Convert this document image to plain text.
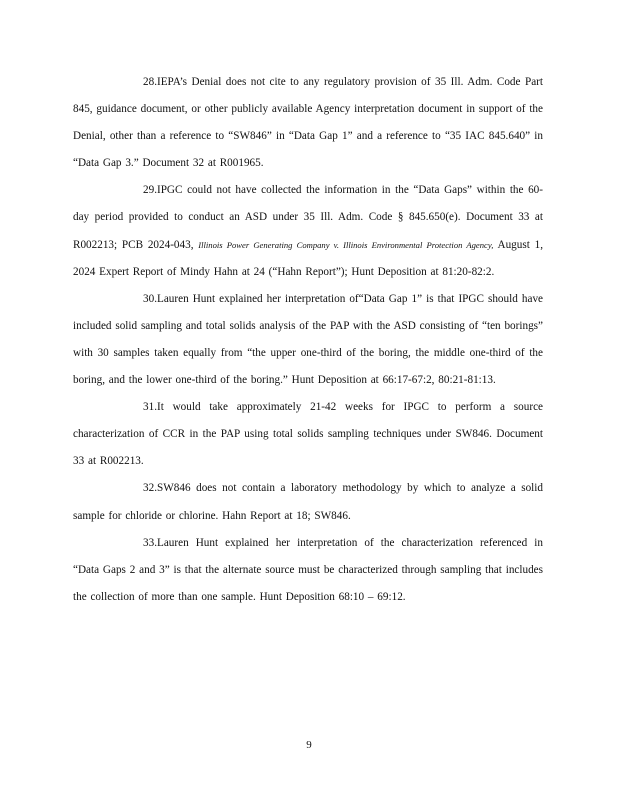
28.IEPA’s Denial does not cite to any regulatory provision of 35 Ill. Adm. Code Part 845, guidance document, or other publicly available Agency interpretation document in support of the Denial, other than a reference to “SW846” in “Data Gap 1” and a reference to “35 IAC 845.640” in “Data Gap 3.” Document 32 at R001965.

29.IPGC could not have collected the information in the “Data Gaps” within the 60-day period provided to conduct an ASD under 35 Ill. Adm. Code § 845.650(e). Document 33 at R002213; PCB 2024-043, Illinois Power Generating Company v. Illinois Environmental Protection Agency, August 1, 2024 Expert Report of Mindy Hahn at 24 (“Hahn Report”); Hunt Deposition at 81:20-82:2.

30.Lauren Hunt explained her interpretation of“Data Gap 1” is that IPGC should have included solid sampling and total solids analysis of the PAP with the ASD consisting of “ten borings” with 30 samples taken equally from “the upper one-third of the boring, the middle one-third of the boring, and the lower one-third of the boring.” Hunt Deposition at 66:17-67:2, 80:21-81:13.

31.It would take approximately 21-42 weeks for IPGC to perform a source characterization of CCR in the PAP using total solids sampling techniques under SW846. Document 33 at R002213.

32.SW846 does not contain a laboratory methodology by which to analyze a solid sample for chloride or chlorine. Hahn Report at 18; SW846.

33.Lauren Hunt explained her interpretation of the characterization referenced in “Data Gaps 2 and 3” is that the alternate source must be characterized through sampling that includes the collection of more than one sample. Hunt Deposition 68:10 – 69:12.

9
